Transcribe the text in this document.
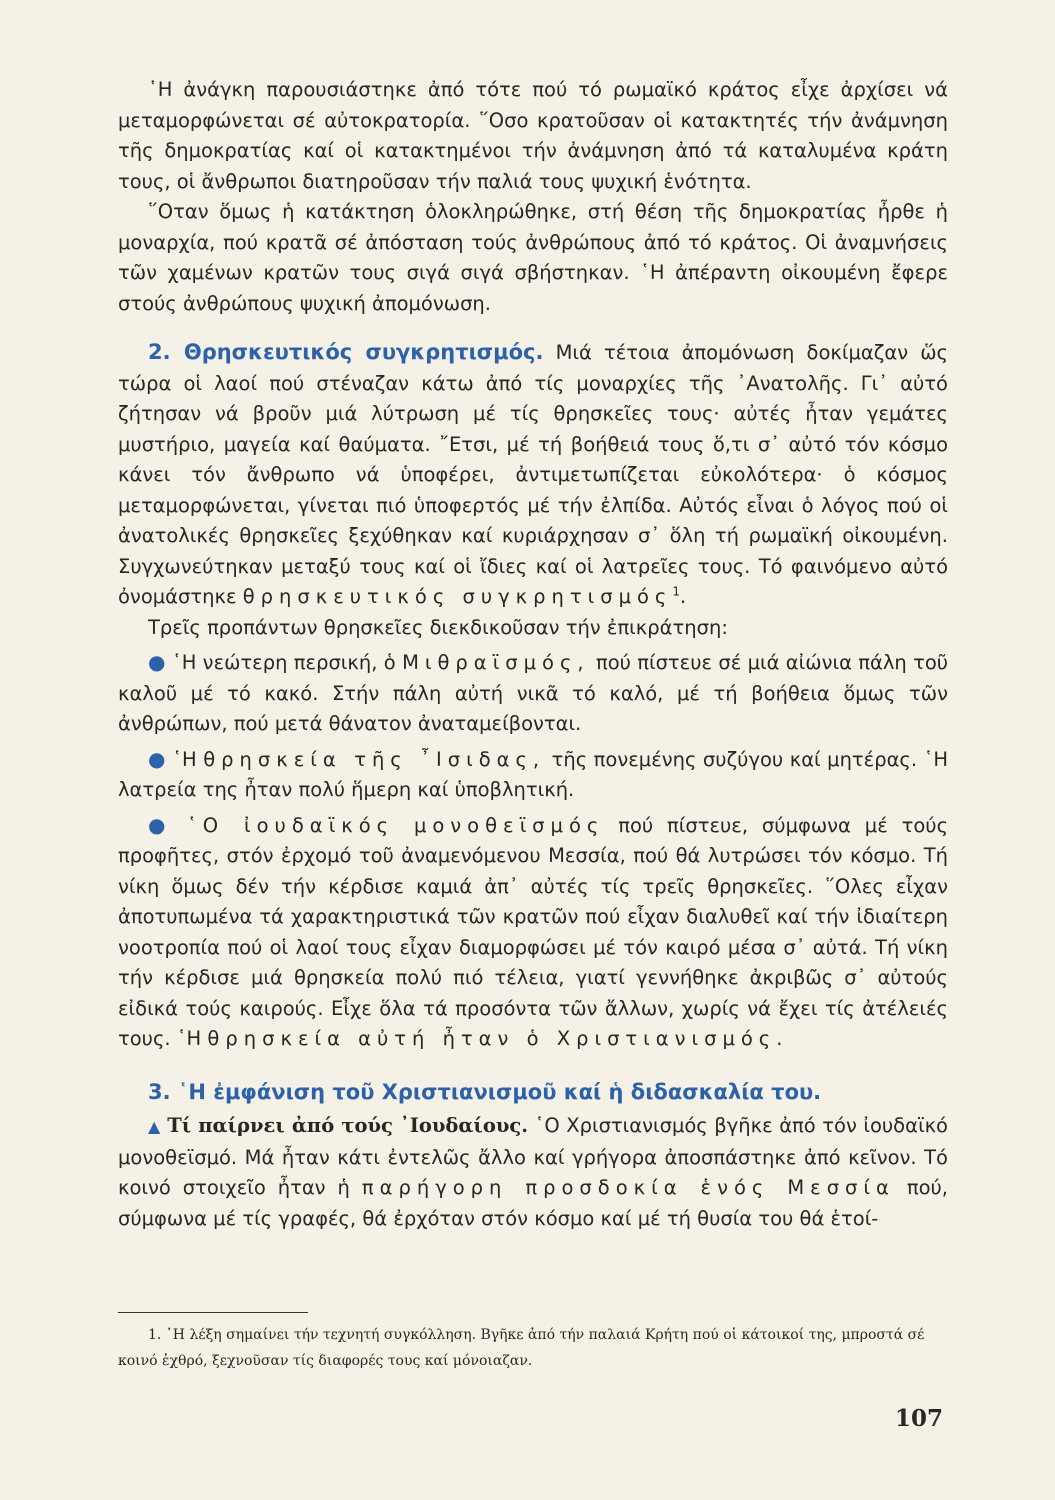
῾Η ἀνάγκη παρουσιάστηκε ἀπό τότε πού τό ρωμαϊκό κράτος εἶχε ἀρχίσει νά μεταμορφώνεται σέ αὐτοκρατορία. ῞Οσο κρατοῦσαν οἱ κατακτητές τήν ἀνάμνηση τῆς δημοκρατίας καί οἱ κατακτημένοι τήν ἀνάμνηση ἀπό τά καταλυμένα κράτη τους, οἱ ἄνθρωποι διατηροῦσαν τήν παλιά τους ψυχική ἑνότητα.

῞Οταν ὅμως ἡ κατάκτηση ὁλοκληρώθηκε, στή θέση τῆς δημοκρατίας ἦρθε ἡ μοναρχία, πού κρατᾶ σέ ἀπόσταση τούς ἀνθρώπους ἀπό τό κράτος. Οἱ ἀναμνήσεις τῶν χαμένων κρατῶν τους σιγά σιγά σβήστηκαν. ῾Η ἀπέραντη οἰκουμένη ἔφερε στούς ἀνθρώπους ψυχική ἀπομόνωση.

2. Θρησκευτικός συγκρητισμός. Μιά τέτοια ἀπομόνωση δοκίμαζαν ὥς τώρα οἱ λαοί πού στέναζαν κάτω ἀπό τίς μοναρχίες τῆς ᾿Ανατολῆς. Γι᾿ αὐτό ζήτησαν νά βροῦν μιά λύτρωση μέ τίς θρησκεῖες τους· αὐτές ἦταν γεμάτες μυστήριο, μαγεία καί θαύματα. ῎Ετσι, μέ τή βοήθειά τους ὅ,τι σ᾿ αὐτό τόν κόσμο κάνει τόν ἄνθρωπο νά ὑποφέρει, ἀντιμετωπίζεται εὐκολότερα· ὁ κόσμος μεταμορφώνεται, γίνεται πιό ὑποφερτός μέ τήν ἐλπίδα. Αὐτός εἶναι ὁ λόγος πού οἱ ἀνατολικές θρησκεῖες ξεχύθηκαν καί κυριάρχησαν σ᾿ ὅλη τή ρωμαϊκή οἰκουμένη. Συγχωνεύτηκαν μεταξύ τους καί οἱ ἴδιες καί οἱ λατρεῖες τους. Τό φαινόμενο αὐτό ὀνομάστηκε θρησκευτικός συγκρητισμός$^1$.

Τρεῖς προπάντων θρησκεῖες διεκδικοῦσαν τήν ἐπικράτηση:

● ῾Η νεώτερη περσική, ὁ Μιθραϊσμός, πού πίστευε σέ μιά αἰώνια πάλη τοῦ καλοῦ μέ τό κακό. Στήν πάλη αὐτή νικᾶ τό καλό, μέ τή βοήθεια ὅμως τῶν ἀνθρώπων, πού μετά θάνατον ἀναταμείβονται.

● ῾Η θρησκεία τῆς ῏Ισιδας, τῆς πονεμένης συζύγου καί μητέρας. ῾Η λατρεία της ἦταν πολύ ἥμερη καί ὑποβλητική.

● ῾Ο ἰουδαϊκός μονοθεϊσμός πού πίστευε, σύμφωνα μέ τούς προφῆτες, στόν ἐρχομό τοῦ ἀναμενόμενου Μεσσία, πού θά λυτρώσει τόν κόσμο. Τή νίκη ὅμως δέν τήν κέρδισε καμιά ἀπ᾿ αὐτές τίς τρεῖς θρησκεῖες. ῞Ολες εἶχαν ἀποτυπωμένα τά χαρακτηριστικά τῶν κρατῶν πού εἶχαν διαλυθεῖ καί τήν ἰδιαίτερη νοοτροπία πού οἱ λαοί τους εἶχαν διαμορφώσει μέ τόν καιρό μέσα σ᾿ αὐτά. Τή νίκη τήν κέρδισε μιά θρησκεία πολύ πιό τέλεια, γιατί γεννήθηκε ἀκριβῶς σ᾿ αὐτούς εἰδικά τούς καιρούς. Εἶχε ὅλα τά προσόντα τῶν ἄλλων, χωρίς νά ἔχει τίς ἀτέλειές τους. ῾Η θρησκεία αὐτή ἦταν ὁ Χριστιανισμός.

3. ῾Η ἐμφάνιση τοῦ Χριστιανισμοῦ καί ἡ διδασκαλία του.

▲ Τί παίρνει ἀπό τούς ᾿Ιουδαίους. ῾Ο Χριστιανισμός βγῆκε ἀπό τόν ἰουδαϊκό μονοθεϊσμό. Μά ἦταν κάτι ἐντελῶς ἄλλο καί γρήγορα ἀποσπάστηκε ἀπό κεῖνον. Τό κοινό στοιχεῖο ἦταν ἡ παρήγορη προσδοκία ἑνός Μεσσία πού, σύμφωνα μέ τίς γραφές, θά ἐρχόταν στόν κόσμο καί μέ τή θυσία του θά ἑτοί-

1. ῾Η λέξη σημαίνει τήν τεχνητή συγκόλληση. Βγῆκε ἀπό τήν παλαιά Κρήτη πού οἱ κάτοικοί της, μπροστά σέ κοινό ἐχθρό, ξεχνοῦσαν τίς διαφορές τους καί μόνοιαζαν.

107
